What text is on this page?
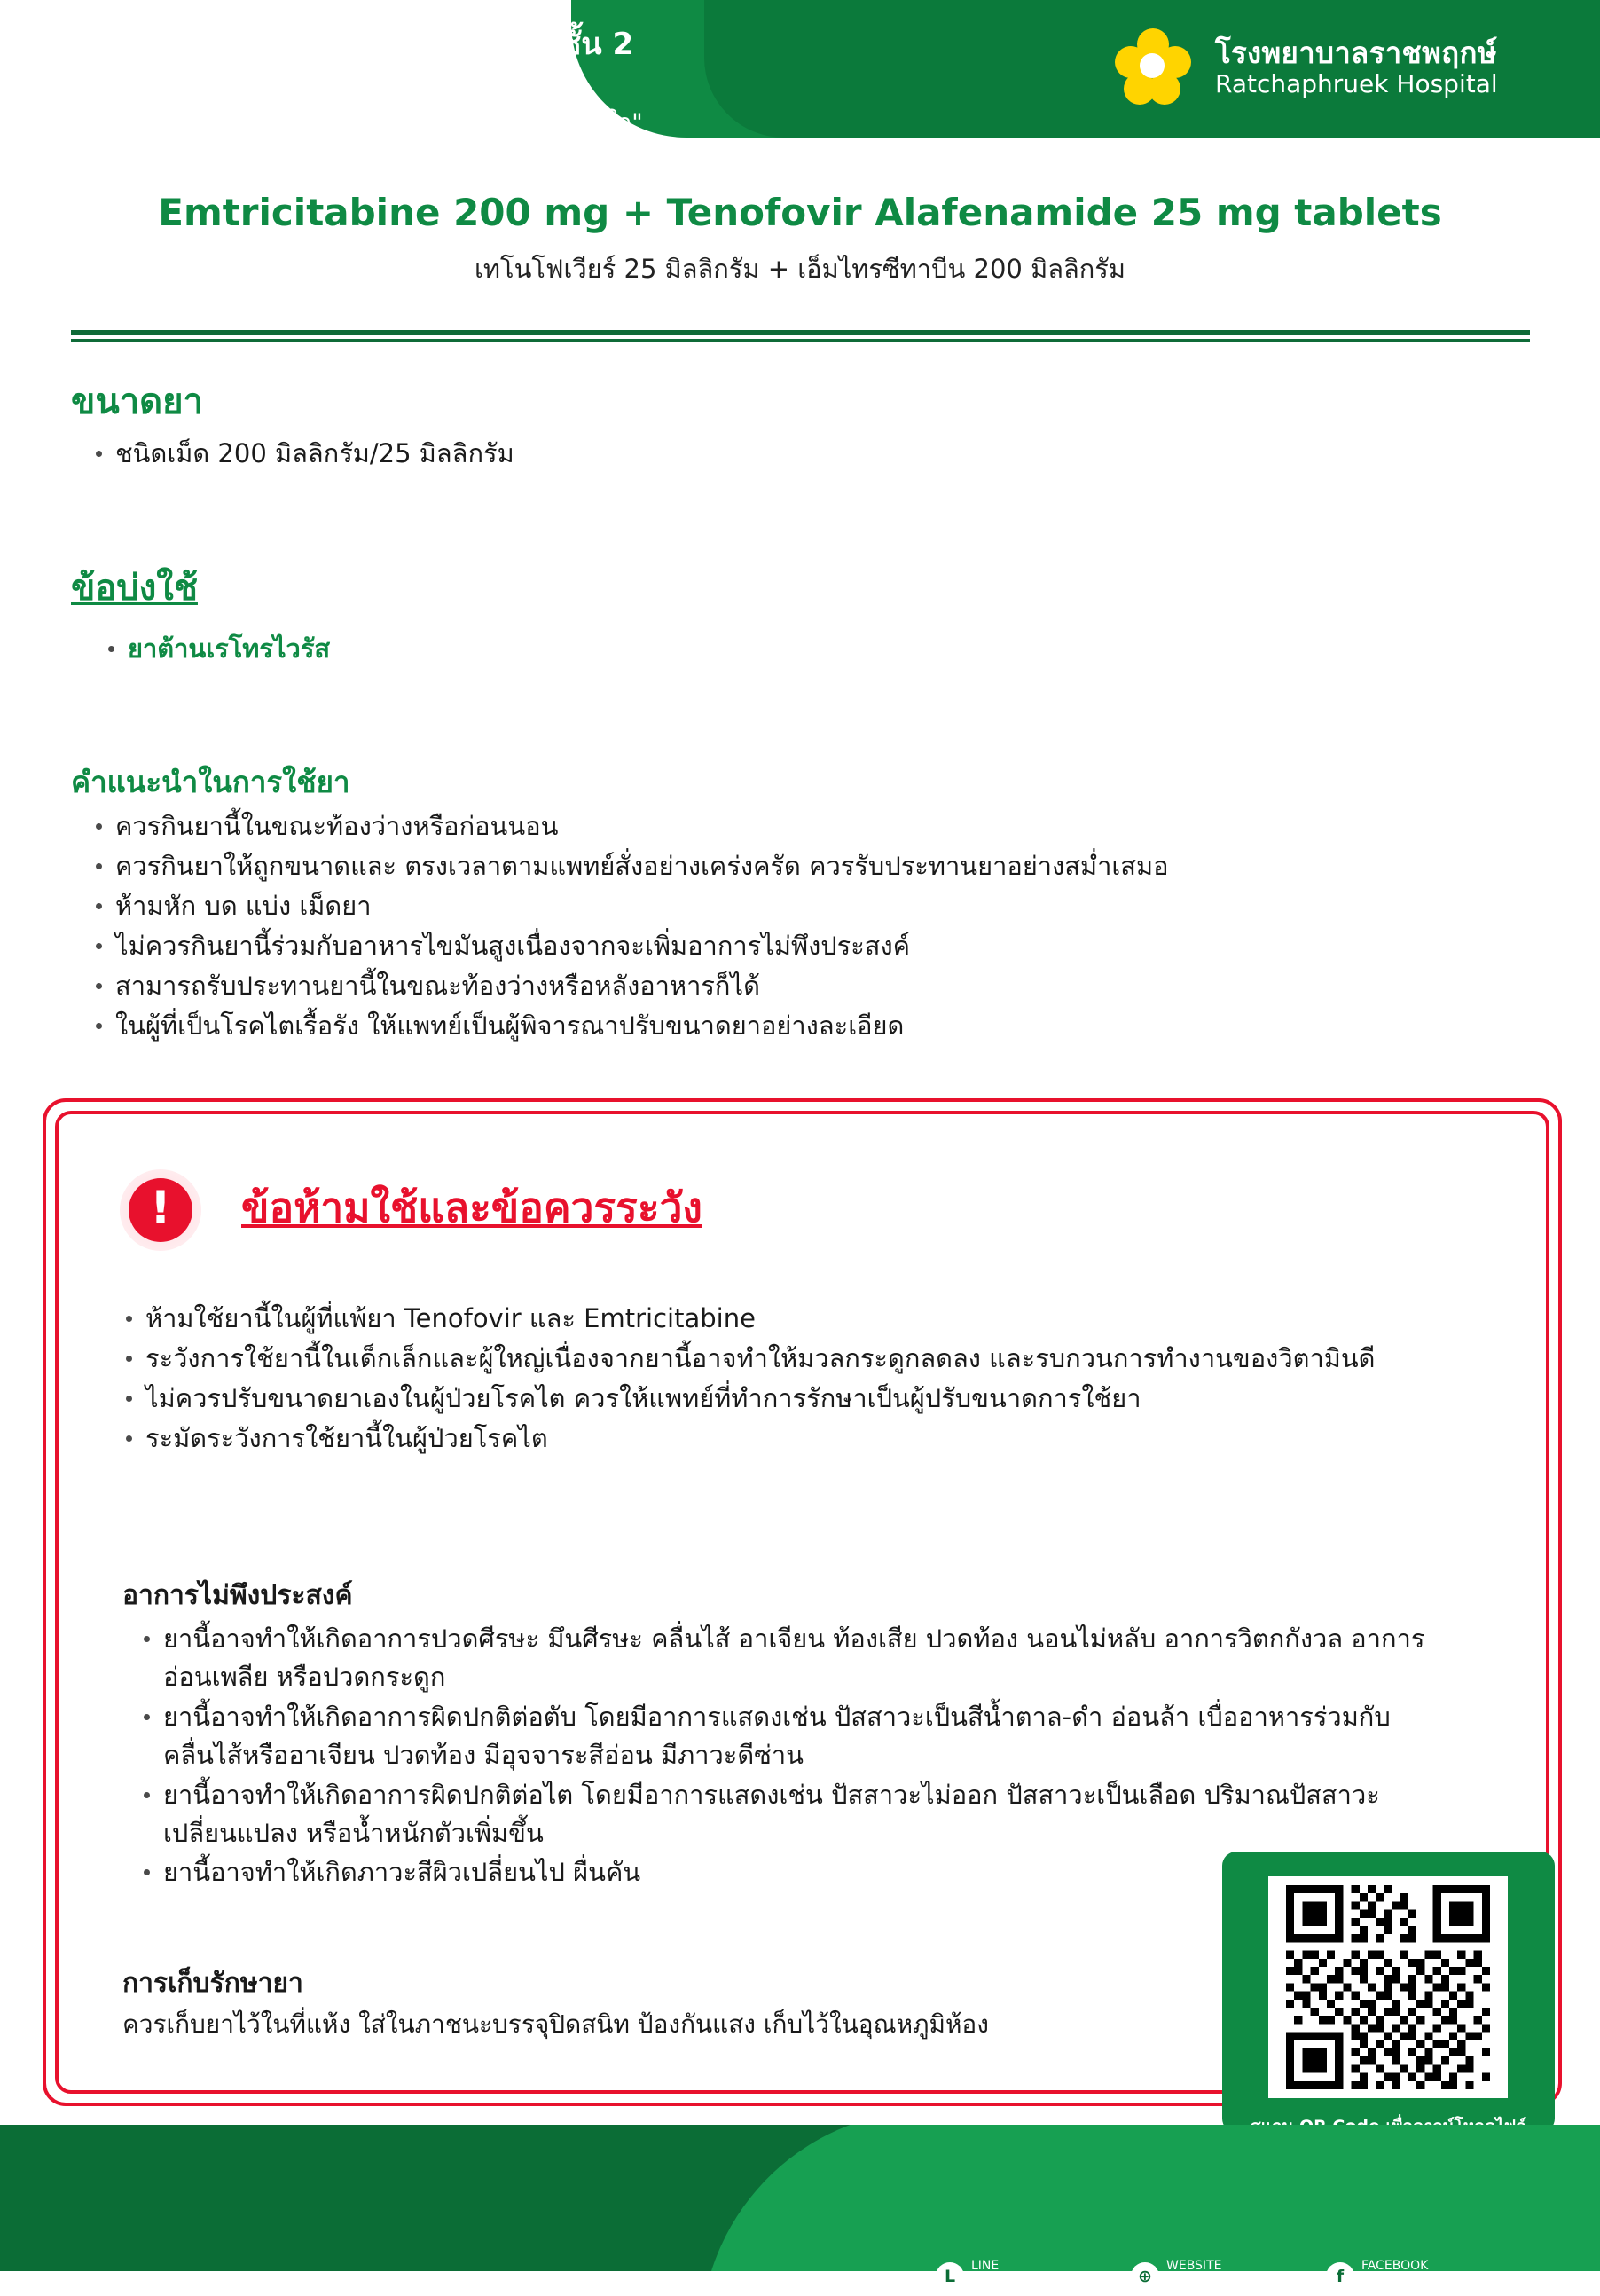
โรงพยาบาลราชพฤกษ์
Ratchaphruek Hospital
Emtricitabine 200 mg + Tenofovir Alafenamide 25 mg tablets
เทโนโฟเวียร์ 25 มิลลิกรัม + เอ็มไทรซีทาบีน 200 มิลลิกรัม
ขนาดยา
ชนิดเม็ด 200 มิลลิกรัม/25 มิลลิกรัม
ข้อบ่งใช้
ยาต้านเรโทรไวรัส
คำแนะนำในการใช้ยา
ควรกินยานี้ในขณะท้องว่างหรือก่อนนอน
ควรกินยาให้ถูกขนาดและ ตรงเวลาตามแพทย์สั่งอย่างเคร่งครัด ควรรับประทานยาอย่างสม่ำเสมอ
ห้ามหัก บด แบ่ง เม็ดยา
ไม่ควรกินยานี้ร่วมกับอาหารไขมันสูงเนื่องจากจะเพิ่มอาการไม่พึงประสงค์
สามารถรับประทานยานี้ในขณะท้องว่างหรือหลังอาหารก็ได้
ในผู้ที่เป็นโรคไตเรื้อรัง ให้แพทย์เป็นผู้พิจารณาปรับขนาดยาอย่างละเอียด
!	ข้อห้ามใช้และข้อควรระวัง
ห้ามใช้ยานี้ในผู้ที่แพ้ยา Tenofovir และ Emtricitabine
ระวังการใช้ยานี้ในเด็กเล็กและผู้ใหญ่เนื่องจากยานี้อาจทำให้มวลกระดูกลดลง และรบกวนการทำงานของวิตามินดี
ไม่ควรปรับขนาดยาเองในผู้ป่วยโรคไต ควรให้แพทย์ที่ทำการรักษาเป็นผู้ปรับขนาดการใช้ยา
ระมัดระวังการใช้ยานี้ในผู้ป่วยโรคไต
อาการไม่พึงประสงค์
ยานี้อาจทำให้เกิดอาการปวดศีรษะ มึนศีรษะ คลื่นไส้ อาเจียน ท้องเสีย ปวดท้อง นอนไม่หลับ อาการวิตกกังวล อาการอ่อนเพลีย หรือปวดกระดูก
ยานี้อาจทำให้เกิดอาการผิดปกติต่อตับ โดยมีอาการแสดงเช่น ปัสสาวะเป็นสีน้ำตาล-ดำ อ่อนล้า เบื่ออาหารร่วมกับคลื่นไส้หรืออาเจียน ปวดท้อง มีอุจจาระสีอ่อน มีภาวะดีซ่าน
ยานี้อาจทำให้เกิดอาการผิดปกติต่อไต โดยมีอาการแสดงเช่น ปัสสาวะไม่ออก ปัสสาวะเป็นเลือด ปริมาณปัสสาวะเปลี่ยนแปลง หรือน้ำหนักตัวเพิ่มขึ้น
ยานี้อาจทำให้เกิดภาวะสีผิวเปลี่ยนไป ผื่นคัน
การเก็บรักษายา
ควรเก็บยาไว้ในที่แห้ง ใส่ในภาชนะบรรจุปิดสนิท ป้องกันแสง เก็บไว้ในอุณหภูมิห้อง
สอบถามข้อมูลเพิ่มเติม แผนกเภสัชกรรม ชั้น 2
โทร. 04333 3555 ต่อ 2104 , 2105
"อบอุ่นเหมือนบ้าน เชี่ยวชาญการรักษา เยียวยาด้วยหัวใจ"
L
LINE
ID : @RPHLine	⊕
WEBSITE
WWW.rph.co.th	f
FACEBOOK
RatchaphruekHospital
